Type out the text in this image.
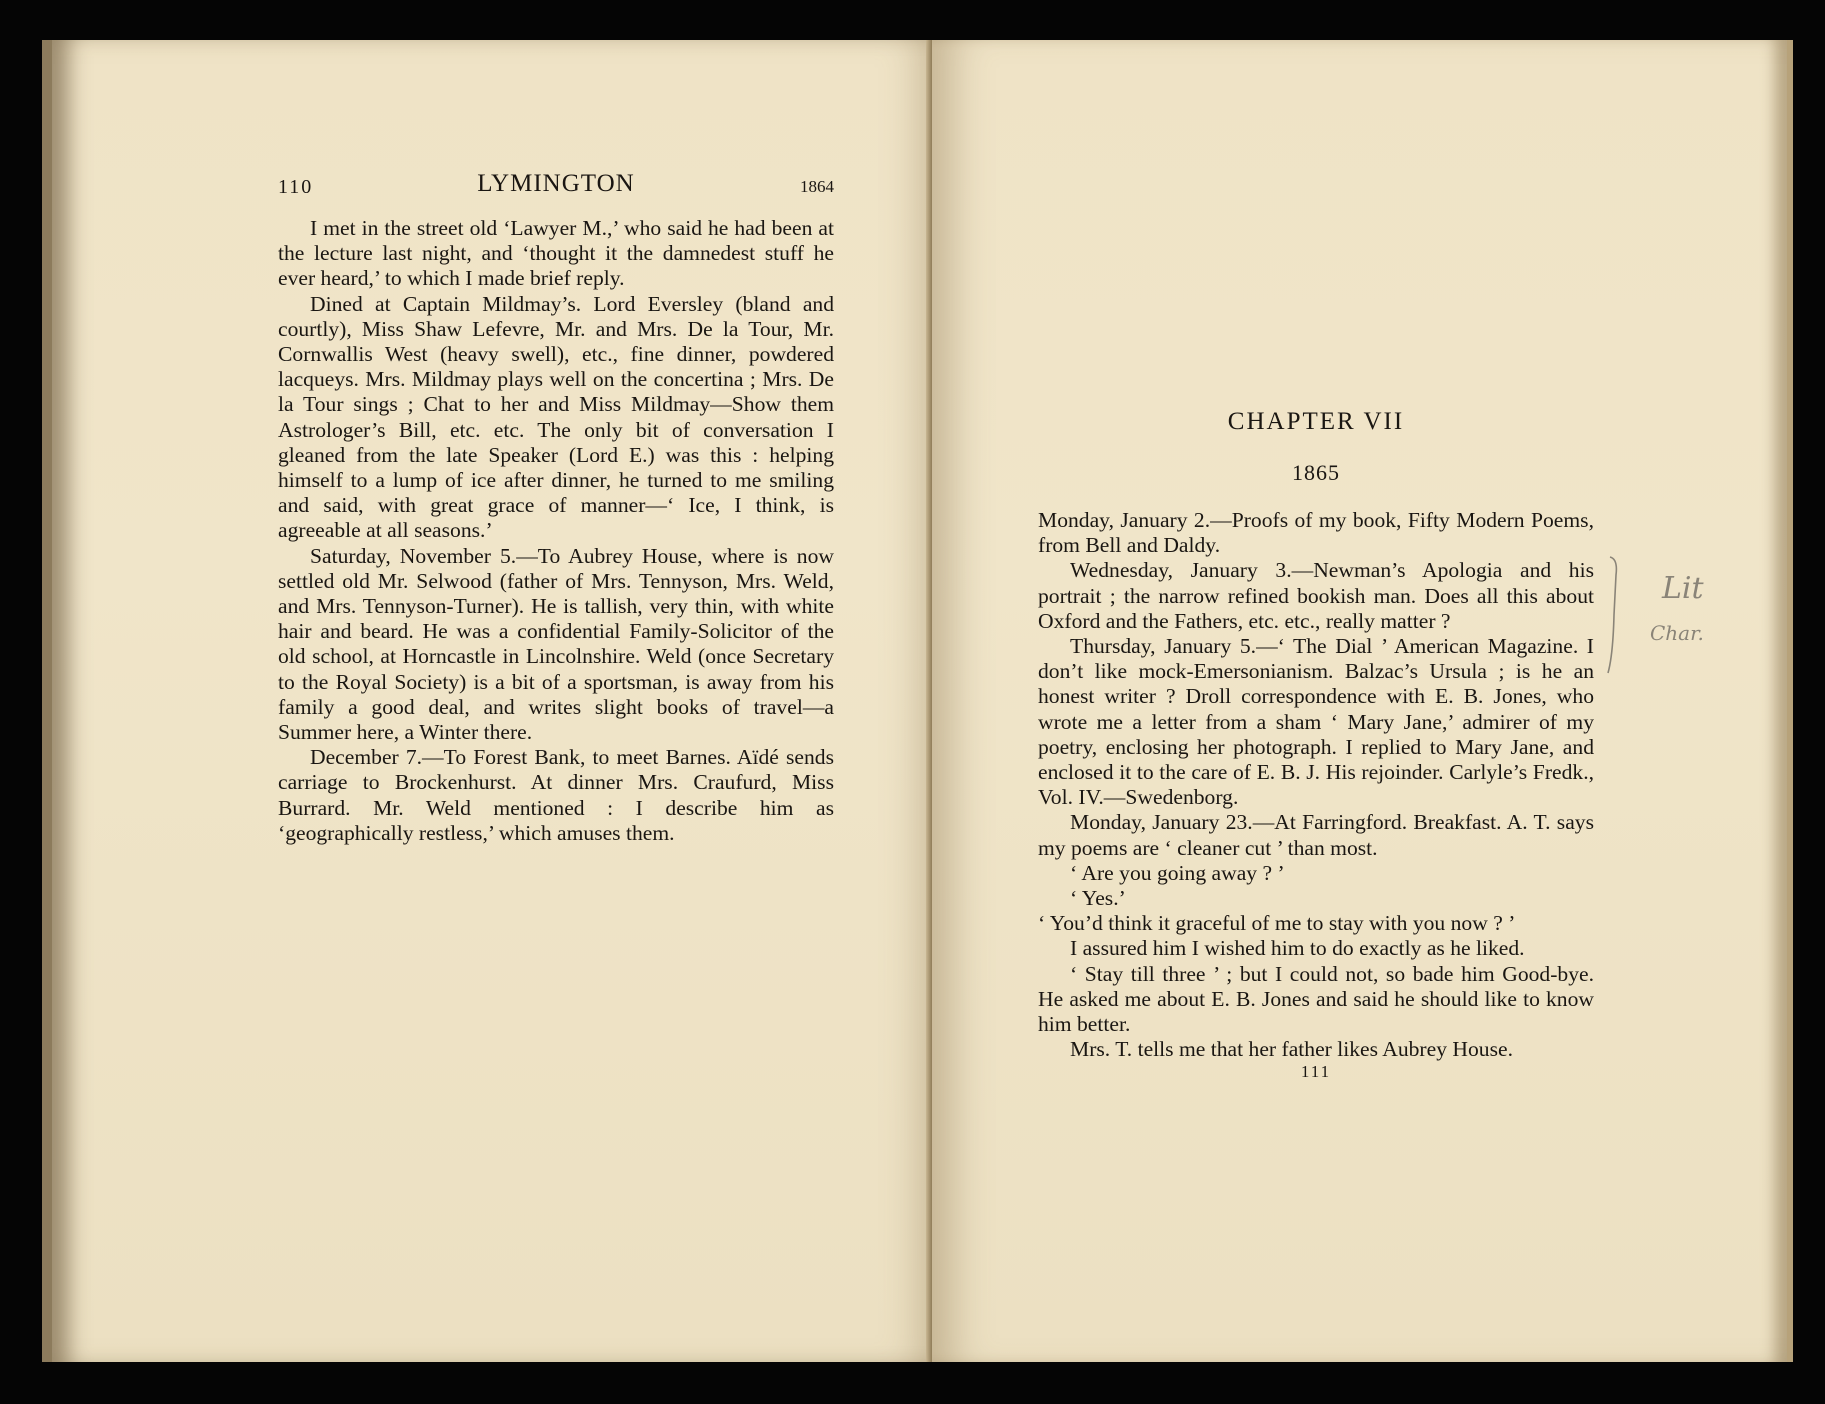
110	LYMINGTON	1864

I met in the street old ‘Lawyer M.,’ who said he had been at the lecture last night, and ‘thought it the damnedest stuff he ever heard,’ to which I made brief reply.

Dined at Captain Mildmay’s. Lord Eversley (bland and courtly), Miss Shaw Lefevre, Mr. and Mrs. De la Tour, Mr. Cornwallis West (heavy swell), etc., fine dinner, powdered lacqueys. Mrs. Mildmay plays well on the concertina ; Mrs. De la Tour sings ; Chat to her and Miss Mildmay—Show them Astrologer’s Bill, etc. etc. The only bit of conversation I gleaned from the late Speaker (Lord E.) was this : helping himself to a lump of ice after dinner, he turned to me smiling and said, with great grace of manner—‘ Ice, I think, is agreeable at all seasons.’

Saturday, November 5.—To Aubrey House, where is now settled old Mr. Selwood (father of Mrs. Tennyson, Mrs. Weld, and Mrs. Tennyson-Turner). He is tallish, very thin, with white hair and beard. He was a confidential Family-Solicitor of the old school, at Horncastle in Lincolnshire. Weld (once Secretary to the Royal Society) is a bit of a sportsman, is away from his family a good deal, and writes slight books of travel—a Summer here, a Winter there.

December 7.—To Forest Bank, to meet Barnes. Aïdé sends carriage to Brockenhurst. At dinner Mrs. Craufurd, Miss Burrard. Mr. Weld mentioned : I describe him as ‘geographically restless,’ which amuses them.

CHAPTER VII
1865

Monday, January 2.—Proofs of my book, Fifty Modern Poems, from Bell and Daldy.

Wednesday, January 3.—Newman’s Apologia and his portrait ; the narrow refined bookish man. Does all this about Oxford and the Fathers, etc. etc., really matter ?

Thursday, January 5.—‘ The Dial ’ American Magazine. I don’t like mock-Emersonianism. Balzac’s Ursula ; is he an honest writer ? Droll correspondence with E. B. Jones, who wrote me a letter from a sham ‘ Mary Jane,’ admirer of my poetry, enclosing her photograph. I replied to Mary Jane, and enclosed it to the care of E. B. J. His rejoinder. Carlyle’s Fredk., Vol. IV.—Swedenborg.

Monday, January 23.—At Farringford. Breakfast. A. T. says my poems are ‘ cleaner cut ’ than most.

‘ Are you going away ? ’

‘ Yes.’

‘ You’d think it graceful of me to stay with you now ? ’

I assured him I wished him to do exactly as he liked.

‘ Stay till three ’ ; but I could not, so bade him Good-bye. He asked me about E. B. Jones and said he should like to know him better.

Mrs. T. tells me that her father likes Aubrey House.

111
Lit
Char.
